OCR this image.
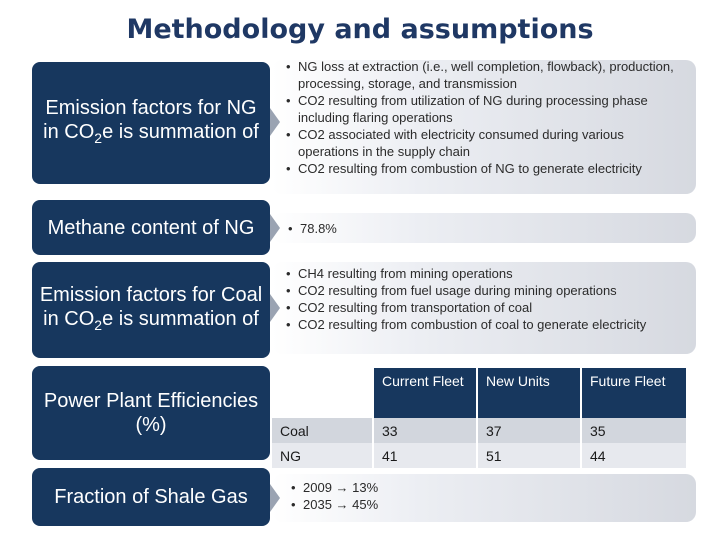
Methodology and assumptions
Emission factors for NG in $CO_2e$ is summation of
• NG loss at extraction (i.e., well completion, flowback), production, processing, storage, and transmission
• CO2 resulting from utilization of NG during processing phase including flaring operations
• CO2 associated with electricity consumed during various operations in the supply chain
• CO2 resulting from combustion of NG to generate electricity
Methane content of NG	• 78.8%
Emission factors for Coal in $CO_2e$ is summation of
• CH4 resulting from mining operations
• CO2 resulting from fuel usage during mining operations
• CO2 resulting from transportation of coal
• CO2 resulting from combustion of coal to generate electricity
Power Plant Efficiencies (%)
	Current Fleet	New Units	Future Fleet
Coal	33	37	35
NG	41	51	44
Fraction of Shale Gas	• 2009 → 13%
• 2035 → 45%
